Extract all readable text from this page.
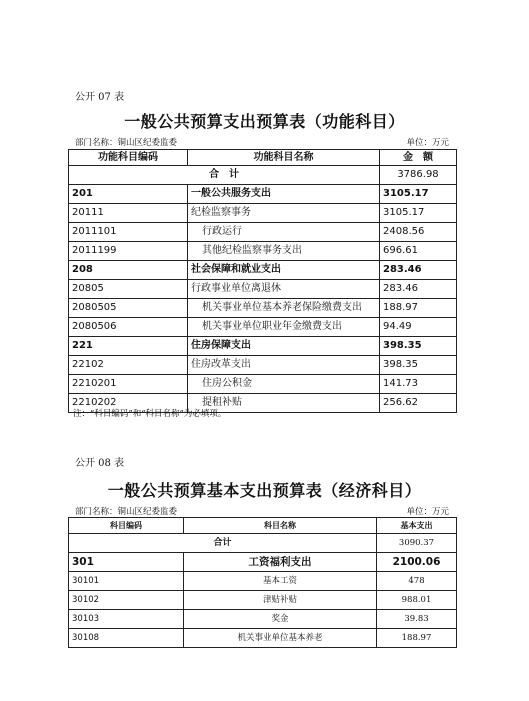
公开 07 表
一般公共预算支出预算表（功能科目）
部门名称：铜山区纪委监委	单位：万元
功能科目编码	功能科目名称	金　额
合　计		3786.98
201	一般公共服务支出	3105.17
20111	纪检监察事务	3105.17
2011101	行政运行	2408.56
2011199	其他纪检监察事务支出	696.61
208	社会保障和就业支出	283.46
20805	行政事业单位离退休	283.46
2080505	机关事业单位基本养老保险缴费支出	188.97
2080506	机关事业单位职业年金缴费支出	94.49
221	住房保障支出	398.35
22102	住房改革支出	398.35
2210201	住房公积金	141.73
2210202	提租补贴	256.62
注：“科目编码”和“科目名称”为必填项。
公开 08 表
一般公共预算基本支出预算表（经济科目）
部门名称：铜山区纪委监委	单位：万元
科目编码	科目名称	基本支出
合计		3090.37
301	工资福利支出	2100.06
30101	基本工资	478
30102	津贴补贴	988.01
30103	奖金	39.83
30108	机关事业单位基本养老	188.97
